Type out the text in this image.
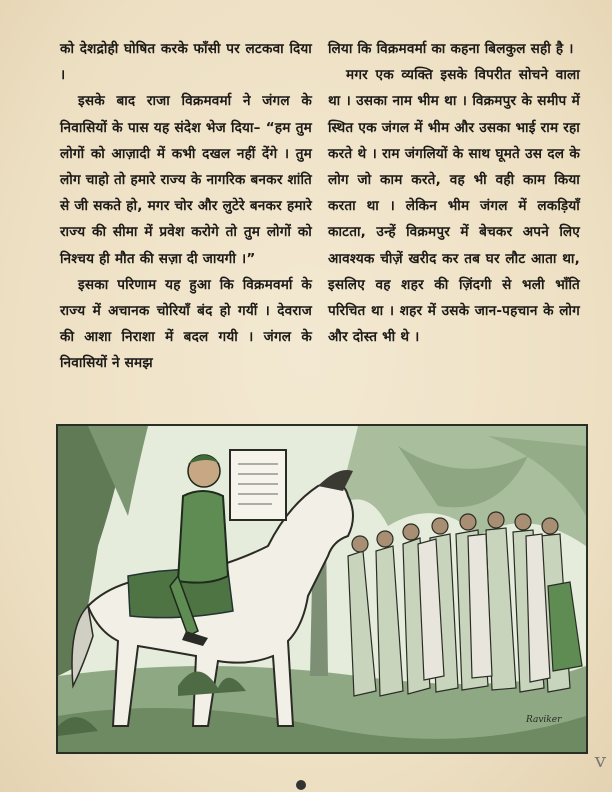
को देशद्रोही घोषित करके फाँसी पर लटकवा दिया ।

इसके बाद राजा विक्रमवर्मा ने जंगल के निवासियों के पास यह संदेश भेज दिया– “हम तुम लोगों को आज़ादी में कभी दखल नहीं देंगे । तुम लोग चाहो तो हमारे राज्य के नागरिक बनकर शांति से जी सकते हो, मगर चोर और लुटेरे बनकर हमारे राज्य की सीमा में प्रवेश करोगे तो तुम लोगों को निश्चय ही मौत की सज़ा दी जायगी ।”

इसका परिणाम यह हुआ कि विक्रमवर्मा के राज्य में अचानक चोरियाँ बंद हो गयीं । देवराज की आशा निराशा में बदल गयी । जंगल के निवासियों ने समझ

लिया कि विक्रमवर्मा का कहना बिलकुल सही है ।

मगर एक व्यक्ति इसके विपरीत सोचने वाला था । उसका नाम भीम था । विक्रमपुर के समीप में स्थित एक जंगल में भीम और उसका भाई राम रहा करते थे । राम जंगलियों के साथ घूमते उस दल के लोग जो काम करते, वह भी वही काम किया करता था । लेकिन भीम जंगल में लकड़ियाँ काटता, उन्हें विक्रमपुर में बेचकर अपने लिए आवश्यक चीज़ें खरीद कर तब घर लौट आता था, इसलिए वह शहर की ज़िंदगी से भली भाँति परिचित था । शहर में उसके जान-पहचान के लोग और दोस्त भी थे ।

Raviker
v
